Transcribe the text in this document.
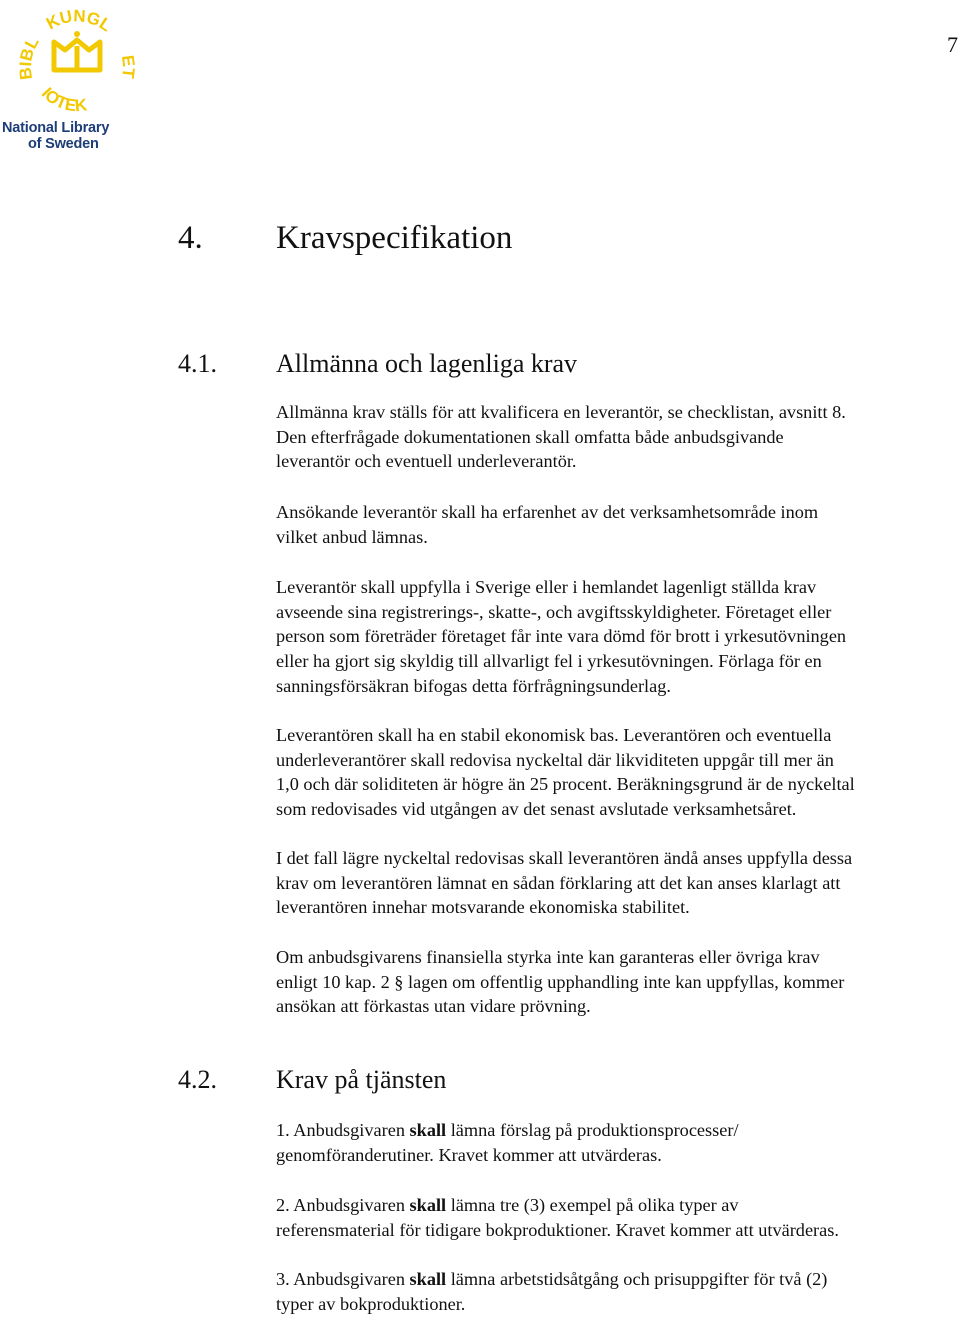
7
BIBL
KUNGL
ET
IOTEK
National Library
of Sweden
4. Kravspecifikation
4.1. Allmänna och lagenliga krav
Allmänna krav ställs för att kvalificera en leverantör, se checklistan, avsnitt 8.
Den efterfrågade dokumentationen skall omfatta både anbudsgivande
leverantör och eventuell underleverantör.
Ansökande leverantör skall ha erfarenhet av det verksamhetsområde inom
vilket anbud lämnas.
Leverantör skall uppfylla i Sverige eller i hemlandet lagenligt ställda krav
avseende sina registrerings-, skatte-, och avgiftsskyldigheter. Företaget eller
person som företräder företaget får inte vara dömd för brott i yrkesutövningen
eller ha gjort sig skyldig till allvarligt fel i yrkesutövningen. Förlaga för en
sanningsförsäkran bifogas detta förfrågningsunderlag.
Leverantören skall ha en stabil ekonomisk bas. Leverantören och eventuella
underleverantörer skall redovisa nyckeltal där likviditeten uppgår till mer än
1,0 och där soliditeten är högre än 25 procent. Beräkningsgrund är de nyckeltal
som redovisades vid utgången av det senast avslutade verksamhetsåret.
I det fall lägre nyckeltal redovisas skall leverantören ändå anses uppfylla dessa
krav om leverantören lämnat en sådan förklaring att det kan anses klarlagt att
leverantören innehar motsvarande ekonomiska stabilitet.
Om anbudsgivarens finansiella styrka inte kan garanteras eller övriga krav
enligt 10 kap. 2 § lagen om offentlig upphandling inte kan uppfyllas, kommer
ansökan att förkastas utan vidare prövning.
4.2. Krav på tjänsten
1. Anbudsgivaren skall lämna förslag på produktionsprocesser/
genomföranderutiner. Kravet kommer att utvärderas.
2. Anbudsgivaren skall lämna tre (3) exempel på olika typer av
referensmaterial för tidigare bokproduktioner. Kravet kommer att utvärderas.
3. Anbudsgivaren skall lämna arbetstidsåtgång och prisuppgifter för två (2)
typer av bokproduktioner.
